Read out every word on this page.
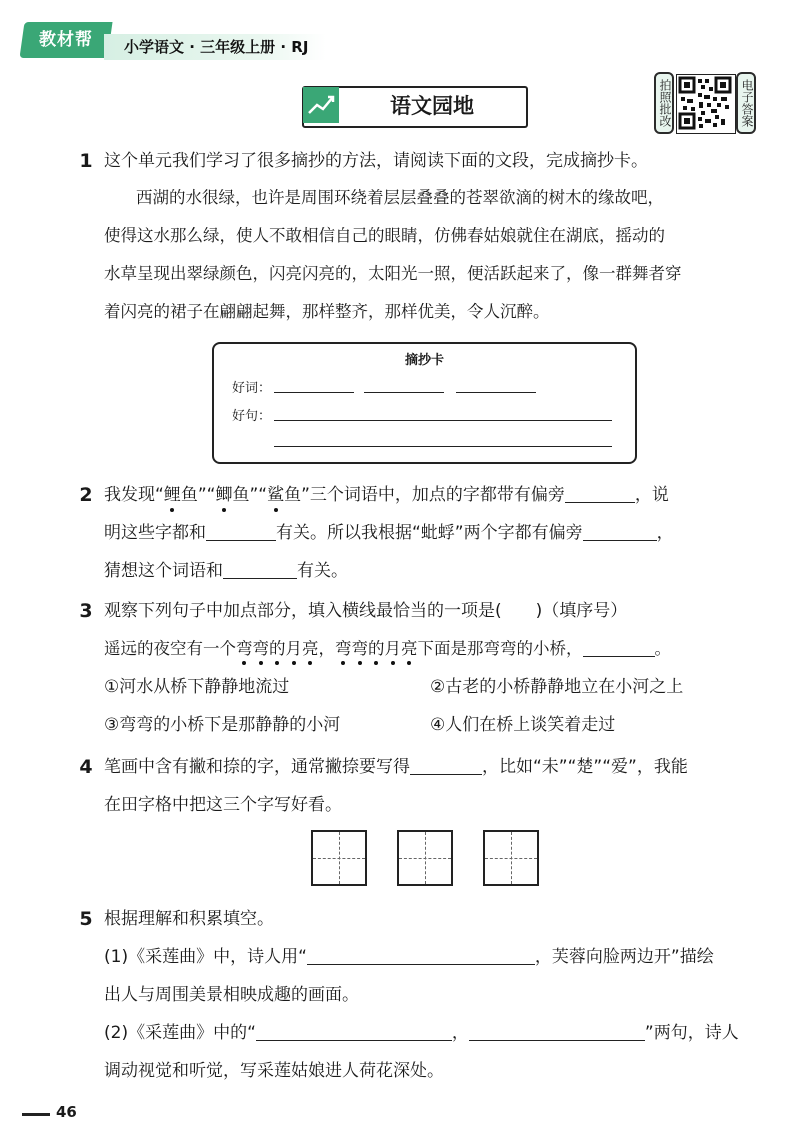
教材帮	小学语文 · 三年级上册 · RJ
语文园地	拍照批改	电子答案
1 这个单元我们学习了很多摘抄的方法，请阅读下面的文段，完成摘抄卡。
西湖的水很绿，也许是周围环绕着层层叠叠的苍翠欲滴的树木的缘故吧，
使得这水那么绿，使人不敢相信自己的眼睛，仿佛春姑娘就住在湖底，摇动的
水草呈现出翠绿颜色，闪亮闪亮的，太阳光一照，便活跃起来了，像一群舞者穿
着闪亮的裙子在翩翩起舞，那样整齐，那样优美，令人沉醉。
摘抄卡
好词：
好句：
2 我发现“鲤鱼”“鲫鱼”“鲨鱼”三个词语中，加点的字都带有偏旁	，说
明这些字都和	有关。所以我根据“蚍蜉”两个字都有偏旁	，
猜想这个词语和	有关。
3 观察下列句子中加点部分，填入横线最恰当的一项是(　　)（填序号）
遥远的夜空有一个弯弯的月亮，弯弯的月亮下面是那弯弯的小桥，	。
①河水从桥下静静地流过	②古老的小桥静静地立在小河之上
③弯弯的小桥下是那静静的小河	④人们在桥上谈笑着走过
4 笔画中含有撇和捺的字，通常撇捺要写得	，比如“未”“楚”“爱”，我能
在田字格中把这三个字写好看。
5 根据理解和积累填空。
(1)《采莲曲》中，诗人用“	，芙蓉向脸两边开”描绘
出人与周围美景相映成趣的画面。
(2)《采莲曲》中的“	，	”两句，诗人
调动视觉和听觉，写采莲姑娘进人荷花深处。
46
